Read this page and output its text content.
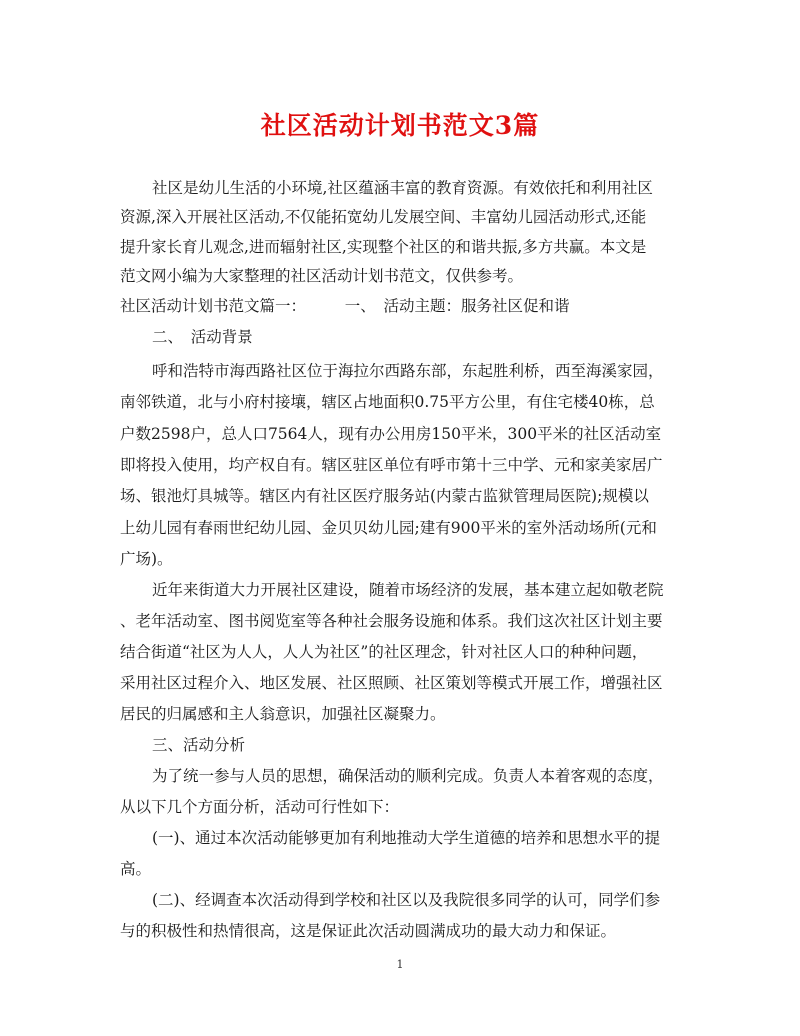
社区活动计划书范文3篇
社区是幼儿生活的小环境,社区蕴涵丰富的教育资源。有效依托和利用社区
资源,深入开展社区活动,不仅能拓宽幼儿发展空间、丰富幼儿园活动形式,还能
提升家长育儿观念,进而辐射社区,实现整个社区的和谐共振,多方共赢。本文是
范文网小编为大家整理的社区活动计划书范文，仅供参考。
社区活动计划书范文篇一：　　　一、　活动主题：服务社区促和谐
二、　活动背景
呼和浩特市海西路社区位于海拉尔西路东部，东起胜利桥，西至海溪家园，
南邻铁道，北与小府村接壤，辖区占地面积0.75平方公里，有住宅楼40栋，总
户数2598户，总人口7564人，现有办公用房150平米，300平米的社区活动室
即将投入使用，均产权自有。辖区驻区单位有呼市第十三中学、元和家美家居广
场、银池灯具城等。辖区内有社区医疗服务站(内蒙古监狱管理局医院);规模以
上幼儿园有春雨世纪幼儿园、金贝贝幼儿园;建有900平米的室外活动场所(元和
广场)。
近年来街道大力开展社区建设，随着市场经济的发展，基本建立起如敬老院
、老年活动室、图书阅览室等各种社会服务设施和体系。我们这次社区计划主要
结合街道“社区为人人，人人为社区”的社区理念，针对社区人口的种种问题，
采用社区过程介入、地区发展、社区照顾、社区策划等模式开展工作，增强社区
居民的归属感和主人翁意识，加强社区凝聚力。
三、活动分析
为了统一参与人员的思想，确保活动的顺利完成。负责人本着客观的态度，
从以下几个方面分析，活动可行性如下：
(一)、通过本次活动能够更加有利地推动大学生道德的培养和思想水平的提
高。
(二)、经调查本次活动得到学校和社区以及我院很多同学的认可，同学们参
与的积极性和热情很高，这是保证此次活动圆满成功的最大动力和保证。
1
